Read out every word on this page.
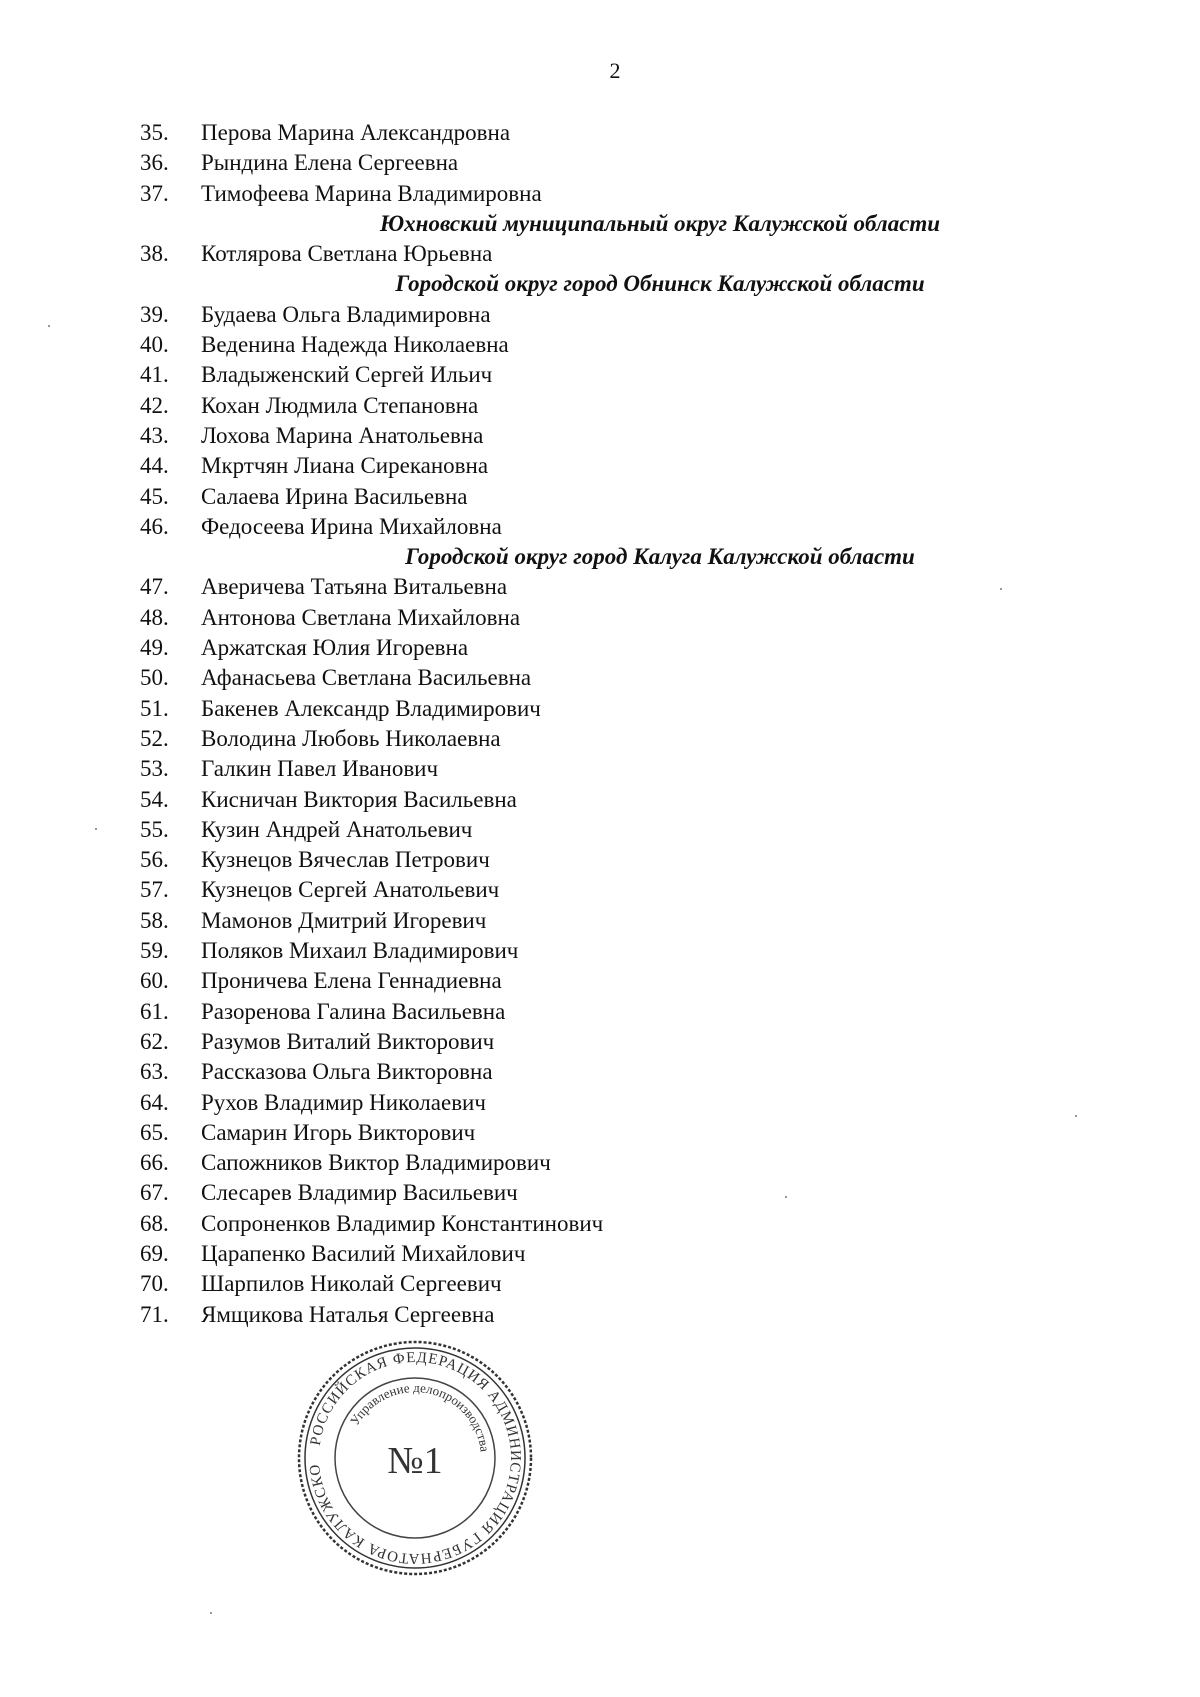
2
35. Перова Марина Александровна
36. Рындина Елена Сергеевна
37. Тимофеева Марина Владимировна
Юхновский муниципальный округ Калужской области
38. Котлярова Светлана Юрьевна
Городской округ город Обнинск Калужской области
39. Будаева Ольга Владимировна
40. Веденина Надежда Николаевна
41. Владыженский Сергей Ильич
42. Кохан Людмила Степановна
43. Лохова Марина Анатольевна
44. Мкртчян Лиана Сирекановна
45. Салаева Ирина Васильевна
46. Федосеева Ирина Михайловна
Городской округ город Калуга Калужской области
47. Аверичева Татьяна Витальевна
48. Антонова Светлана Михайловна
49. Аржатская Юлия Игоревна
50. Афанасьева Светлана Васильевна
51. Бакенев Александр Владимирович
52. Володина Любовь Николаевна
53. Галкин Павел Иванович
54. Кисничан Виктория Васильевна
55. Кузин Андрей Анатольевич
56. Кузнецов Вячеслав Петрович
57. Кузнецов Сергей Анатольевич
58. Мамонов Дмитрий Игоревич
59. Поляков Михаил Владимирович
60. Проничева Елена Геннадиевна
61. Разоренова Галина Васильевна
62. Разумов Виталий Викторович
63. Рассказова Ольга Викторовна
64. Рухов Владимир Николаевич
65. Самарин Игорь Викторович
66. Сапожников Виктор Владимирович
67. Слесарев Владимир Васильевич
68. Сопроненков Владимир Константинович
69. Царапенко Василий Михайлович
70. Шарпилов Николай Сергеевич
71. Ямщикова Наталья Сергеевна
РОССИЙСКАЯ ФЕДЕРАЦИЯ АДМИНИСТРАЦИЯ ГУБЕРНАТОРА КАЛУЖСКО
Управление делопроизводства
№1
